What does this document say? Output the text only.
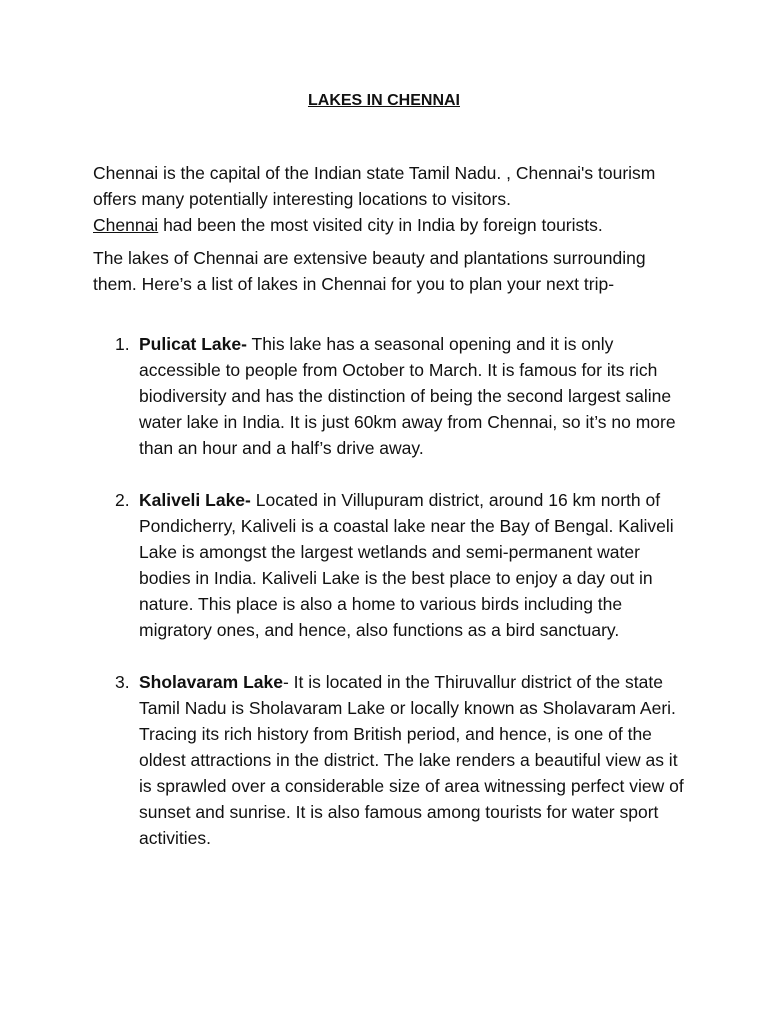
LAKES IN CHENNAI

Chennai is the capital of the Indian state Tamil Nadu. , Chennai's tourism offers many potentially interesting locations to visitors.
Chennai had been the most visited city in India by foreign tourists.

The lakes of Chennai are extensive beauty and plantations surrounding them. Here’s a list of lakes in Chennai for you to plan your next trip-

1. Pulicat Lake- This lake has a seasonal opening and it is only accessible to people from October to March. It is famous for its rich biodiversity and has the distinction of being the second largest saline water lake in India. It is just 60km away from Chennai, so it’s no more than an hour and a half’s drive away.
2. Kaliveli Lake- Located in Villupuram district, around 16 km north of Pondicherry, Kaliveli is a coastal lake near the Bay of Bengal. Kaliveli Lake is amongst the largest wetlands and semi-permanent water bodies in India. Kaliveli Lake is the best place to enjoy a day out in nature. This place is also a home to various birds including the migratory ones, and hence, also functions as a bird sanctuary.
3. Sholavaram Lake- It is located in the Thiruvallur district of the state Tamil Nadu is Sholavaram Lake or locally known as Sholavaram Aeri. Tracing its rich history from British period, and hence, is one of the oldest attractions in the district. The lake renders a beautiful view as it is sprawled over a considerable size of area witnessing perfect view of sunset and sunrise. It is also famous among tourists for water sport activities.
